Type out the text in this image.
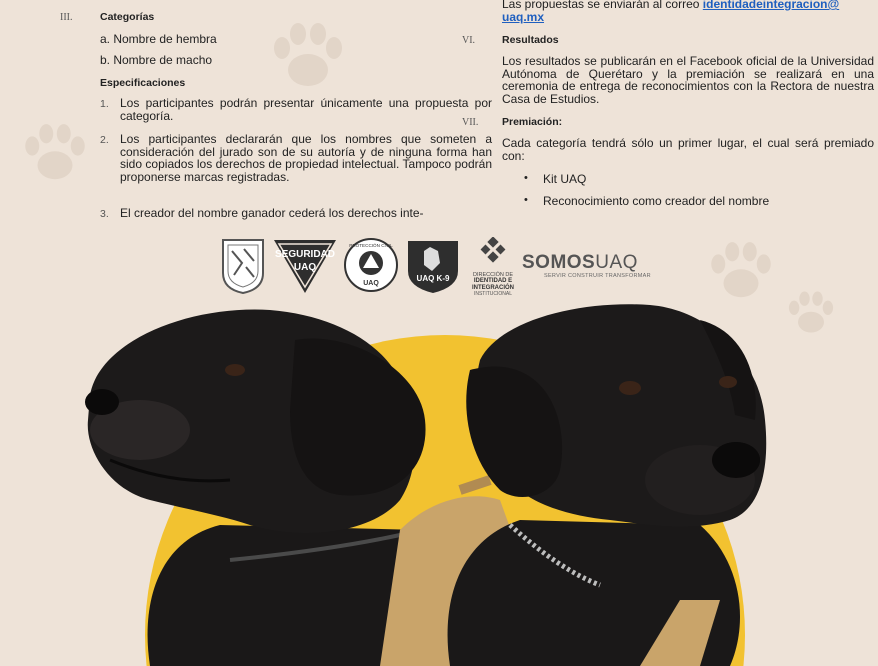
III.	Categorías
a. Nombre de hembra
b. Nombre de macho
Especificaciones
1. Los participantes podrán presentar únicamente una propuesta por categoría.
2. Los participantes declararán que los nombres que someten a consideración del jurado son de su autoría y de ninguna forma han sido copiados los derechos de propiedad intelectual. Tampoco podrán proponerse marcas registradas.
3. El creador del nombre ganador cederá los derechos inte-
Las propuestas se enviarán al correo identidadeintegracion@
uaq.mx
VI.	Resultados
Los resultados se publicarán en el Facebook oficial de la Universidad Autónoma de Querétaro y la premiación se realizará en una ceremonia de entrega de reconocimientos con la Rectora de nuestra Casa de Estudios.
VII. Premiación:
Cada categoría tendrá sólo un primer lugar, el cual será premiado con:
• Kit UAQ
• Reconocimiento como creador del nombre
SEGURIDAD
UAQ
UAQ
PROTECCIÓN CIVIL
UAQ K-9	DIRECCIÓN DE
IDENTIDAD E
INTEGRACIÓN
INSTITUCIONAL
SOMOSUAQ
SERVIR CONSTRUIR TRANSFORMAR
